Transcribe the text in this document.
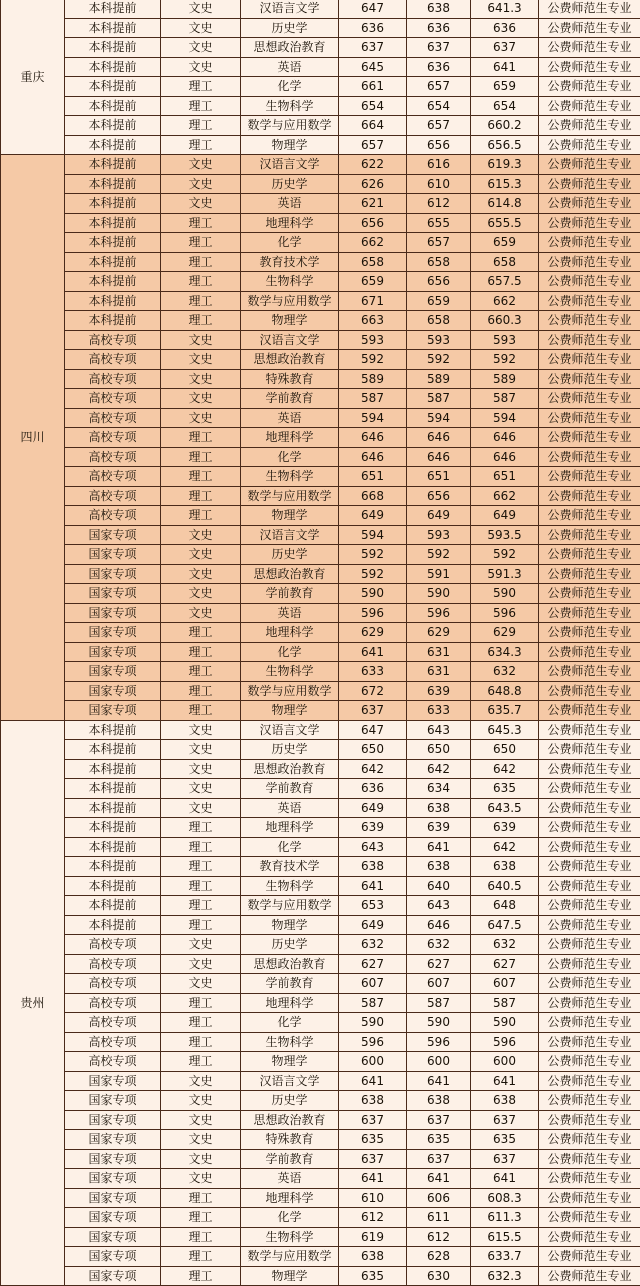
重庆	本科提前	文史	汉语言文学	647	638	641.3	公费师范生专业
	本科提前	文史	历史学	636	636	636	公费师范生专业
	本科提前	文史	思想政治教育	637	637	637	公费师范生专业
	本科提前	文史	英语	645	636	641	公费师范生专业
	本科提前	理工	化学	661	657	659	公费师范生专业
	本科提前	理工	生物科学	654	654	654	公费师范生专业
	本科提前	理工	数学与应用数学	664	657	660.2	公费师范生专业
	本科提前	理工	物理学	657	656	656.5	公费师范生专业
四川	本科提前	文史	汉语言文学	622	616	619.3	公费师范生专业
	本科提前	文史	历史学	626	610	615.3	公费师范生专业
	本科提前	文史	英语	621	612	614.8	公费师范生专业
	本科提前	理工	地理科学	656	655	655.5	公费师范生专业
	本科提前	理工	化学	662	657	659	公费师范生专业
	本科提前	理工	教育技术学	658	658	658	公费师范生专业
	本科提前	理工	生物科学	659	656	657.5	公费师范生专业
	本科提前	理工	数学与应用数学	671	659	662	公费师范生专业
	本科提前	理工	物理学	663	658	660.3	公费师范生专业
	高校专项	文史	汉语言文学	593	593	593	公费师范生专业
	高校专项	文史	思想政治教育	592	592	592	公费师范生专业
	高校专项	文史	特殊教育	589	589	589	公费师范生专业
	高校专项	文史	学前教育	587	587	587	公费师范生专业
	高校专项	文史	英语	594	594	594	公费师范生专业
	高校专项	理工	地理科学	646	646	646	公费师范生专业
	高校专项	理工	化学	646	646	646	公费师范生专业
	高校专项	理工	生物科学	651	651	651	公费师范生专业
	高校专项	理工	数学与应用数学	668	656	662	公费师范生专业
	高校专项	理工	物理学	649	649	649	公费师范生专业
	国家专项	文史	汉语言文学	594	593	593.5	公费师范生专业
	国家专项	文史	历史学	592	592	592	公费师范生专业
	国家专项	文史	思想政治教育	592	591	591.3	公费师范生专业
	国家专项	文史	学前教育	590	590	590	公费师范生专业
	国家专项	文史	英语	596	596	596	公费师范生专业
	国家专项	理工	地理科学	629	629	629	公费师范生专业
	国家专项	理工	化学	641	631	634.3	公费师范生专业
	国家专项	理工	生物科学	633	631	632	公费师范生专业
	国家专项	理工	数学与应用数学	672	639	648.8	公费师范生专业
	国家专项	理工	物理学	637	633	635.7	公费师范生专业
贵州	本科提前	文史	汉语言文学	647	643	645.3	公费师范生专业
	本科提前	文史	历史学	650	650	650	公费师范生专业
	本科提前	文史	思想政治教育	642	642	642	公费师范生专业
	本科提前	文史	学前教育	636	634	635	公费师范生专业
	本科提前	文史	英语	649	638	643.5	公费师范生专业
	本科提前	理工	地理科学	639	639	639	公费师范生专业
	本科提前	理工	化学	643	641	642	公费师范生专业
	本科提前	理工	教育技术学	638	638	638	公费师范生专业
	本科提前	理工	生物科学	641	640	640.5	公费师范生专业
	本科提前	理工	数学与应用数学	653	643	648	公费师范生专业
	本科提前	理工	物理学	649	646	647.5	公费师范生专业
	高校专项	文史	历史学	632	632	632	公费师范生专业
	高校专项	文史	思想政治教育	627	627	627	公费师范生专业
	高校专项	文史	学前教育	607	607	607	公费师范生专业
	高校专项	理工	地理科学	587	587	587	公费师范生专业
	高校专项	理工	化学	590	590	590	公费师范生专业
	高校专项	理工	生物科学	596	596	596	公费师范生专业
	高校专项	理工	物理学	600	600	600	公费师范生专业
	国家专项	文史	汉语言文学	641	641	641	公费师范生专业
	国家专项	文史	历史学	638	638	638	公费师范生专业
	国家专项	文史	思想政治教育	637	637	637	公费师范生专业
	国家专项	文史	特殊教育	635	635	635	公费师范生专业
	国家专项	文史	学前教育	637	637	637	公费师范生专业
	国家专项	文史	英语	641	641	641	公费师范生专业
	国家专项	理工	地理科学	610	606	608.3	公费师范生专业
	国家专项	理工	化学	612	611	611.3	公费师范生专业
	国家专项	理工	生物科学	619	612	615.5	公费师范生专业
	国家专项	理工	数学与应用数学	638	628	633.7	公费师范生专业
	国家专项	理工	物理学	635	630	632.3	公费师范生专业
